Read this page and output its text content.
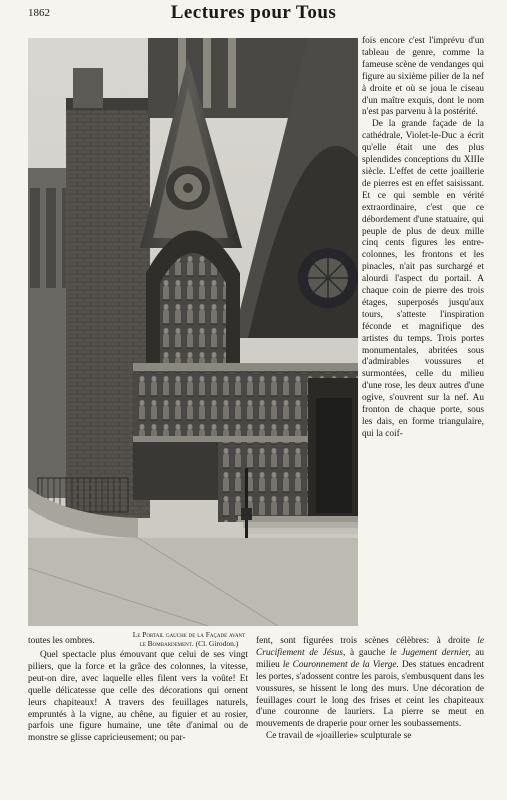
1862	Lectures pour Tous
Le Portail gauche de la Façade avant le Bombardement. (Cl. Girodon.)

fois encore c'est l'imprévu d'un tableau de genre, comme la fameuse scène de vendanges qui figure au sixième pilier de la nef à droite et où se joua le ciseau d'un maître exquis, dont le nom n'est pas parvenu à la postérité.

De la grande façade de la cathédrale, Violet-le-Duc a écrit qu'elle était une des plus splendides conceptions du XIIIe siècle. L'effet de cette joaillerie de pierres est en effet saisissant. Et ce qui semble en vérité extraordinaire, c'est que ce débordement d'une statuaire, qui peuple de plus de deux mille cinq cents figures les entre-colonnes, les frontons et les pinacles, n'ait pas surchargé et alourdi l'aspect du portail. A chaque coin de pierre des trois étages, superposés jusqu'aux tours, s'atteste l'inspiration féconde et magnifique des artistes du temps. Trois portes monumentales, abritées sous d'admirables voussures et surmontées, celle du milieu d'une rose, les deux autres d'une ogive, s'ouvrent sur la nef. Au fronton de chaque porte, sous les dais, en forme triangulaire, qui la coif-

toutes les ombres.
Quel spectacle plus émouvant que celui de ses vingt piliers, que la force et la grâce des colonnes, la vitesse, peut-on dire, avec laquelle elles filent vers la voûte! Et quelle délicatesse que celle des décorations qui ornent leurs chapiteaux! A travers des feuillages naturels, empruntés à la vigne, au chêne, au figuier et au rosier, parfois une figure humaine, une tête d'animal ou de monstre se glisse capricieusement; ou par-

fent, sont figurées trois scènes célèbres: à droite le Crucifiement de Jésus, à gauche le Jugement dernier, au milieu le Couronnement de la Vierge. Des statues encadrent les portes, s'adossent contre les parois, s'embusquent dans les voussures, se hissent le long des murs. Une décoration de feuillages court le long des frises et ceint les chapiteaux d'une couronne de lauriers. La pierre se meut en mouvements de draperie pour orner les soubassements.

Ce travail de «joaillerie» sculpturale se
